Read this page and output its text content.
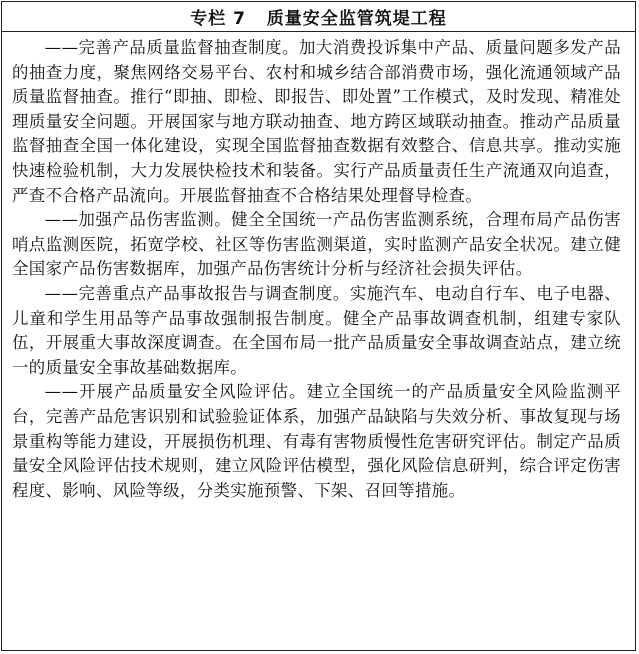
专栏 7   质量安全监管筑堤工程

——完善产品质量监督抽查制度。加大消费投诉集中产品、质量问题多发产品的抽查力度，聚焦网络交易平台、农村和城乡结合部消费市场，强化流通领域产品质量监督抽查。推行“即抽、即检、即报告、即处置”工作模式，及时发现、精准处理质量安全问题。开展国家与地方联动抽查、地方跨区域联动抽查。推动产品质量监督抽查全国一体化建设，实现全国监督抽查数据有效整合、信息共享。推动实施快速检验机制，大力发展快检技术和装备。实行产品质量责任生产流通双向追查，严查不合格产品流向。开展监督抽查不合格结果处理督导检查。

——加强产品伤害监测。健全全国统一产品伤害监测系统，合理布局产品伤害哨点监测医院，拓宽学校、社区等伤害监测渠道，实时监测产品安全状况。建立健全国家产品伤害数据库，加强产品伤害统计分析与经济社会损失评估。

——完善重点产品事故报告与调查制度。实施汽车、电动自行车、电子电器、儿童和学生用品等产品事故强制报告制度。健全产品事故调查机制，组建专家队伍，开展重大事故深度调查。在全国布局一批产品质量安全事故调查站点，建立统一的质量安全事故基础数据库。

——开展产品质量安全风险评估。建立全国统一的产品质量安全风险监测平台，完善产品危害识别和试验验证体系，加强产品缺陷与失效分析、事故复现与场景重构等能力建设，开展损伤机理、有毒有害物质慢性危害研究评估。制定产品质量安全风险评估技术规则，建立风险评估模型，强化风险信息研判，综合评定伤害程度、影响、风险等级，分类实施预警、下架、召回等措施。
